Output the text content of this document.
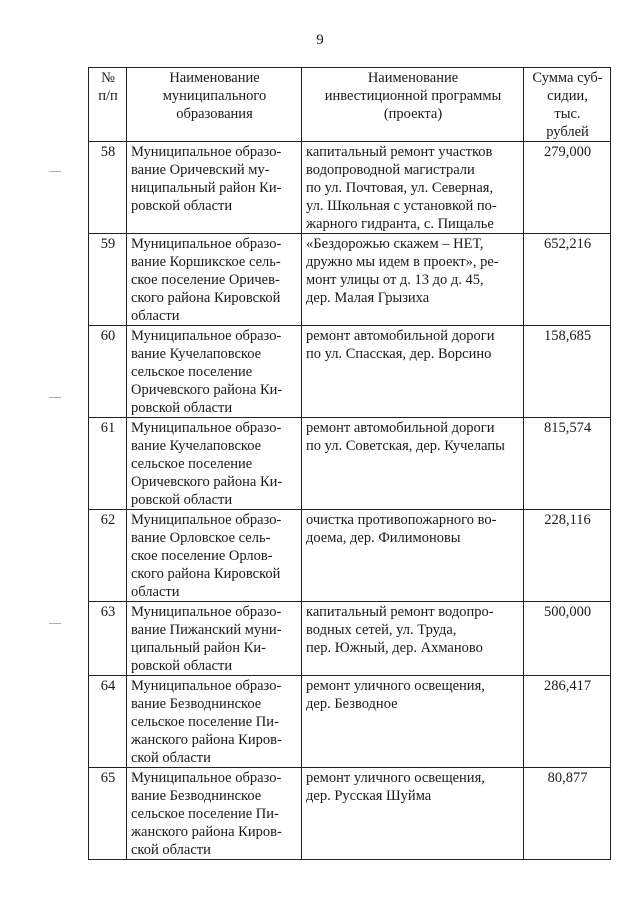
9
№
п/п	Наименование
муниципального
образования	Наименование
инвестиционной программы
(проекта)	Сумма суб-
сидии,
тыс.
рублей
58	Муниципальное образо-
вание Оричевский му-
ниципальный район Ки-
ровской области	капитальный ремонт участков
водопроводной магистрали
по ул. Почтовая, ул. Северная,
ул. Школьная с установкой по-
жарного гидранта, с. Пищалье	279,000
59	Муниципальное образо-
вание Коршикское сель-
ское поселение Оричев-
ского района Кировской
области	«Бездорожью скажем – НЕТ,
дружно мы идем в проект», ре-
монт улицы от д. 13 до д. 45,
дер. Малая Грызиха	652,216
60	Муниципальное образо-
вание Кучелаповское
сельское поселение
Оричевского района Ки-
ровской области	ремонт автомобильной дороги
по ул. Спасская, дер. Ворсино	158,685
61	Муниципальное образо-
вание Кучелаповское
сельское поселение
Оричевского района Ки-
ровской области	ремонт автомобильной дороги
по ул. Советская, дер. Кучелапы	815,574
62	Муниципальное образо-
вание Орловское сель-
ское поселение Орлов-
ского района Кировской
области	очистка противопожарного во-
доема, дер. Филимоновы	228,116
63	Муниципальное образо-
вание Пижанский муни-
ципальный район Ки-
ровской области	капитальный ремонт водопро-
водных сетей, ул. Труда,
пер. Южный, дер. Ахманово	500,000
64	Муниципальное образо-
вание Безводнинское
сельское поселение Пи-
жанского района Киров-
ской области	ремонт уличного освещения,
дер. Безводное	286,417
65	Муниципальное образо-
вание Безводнинское
сельское поселение Пи-
жанского района Киров-
ской области	ремонт уличного освещения,
дер. Русская Шуйма	80,877
